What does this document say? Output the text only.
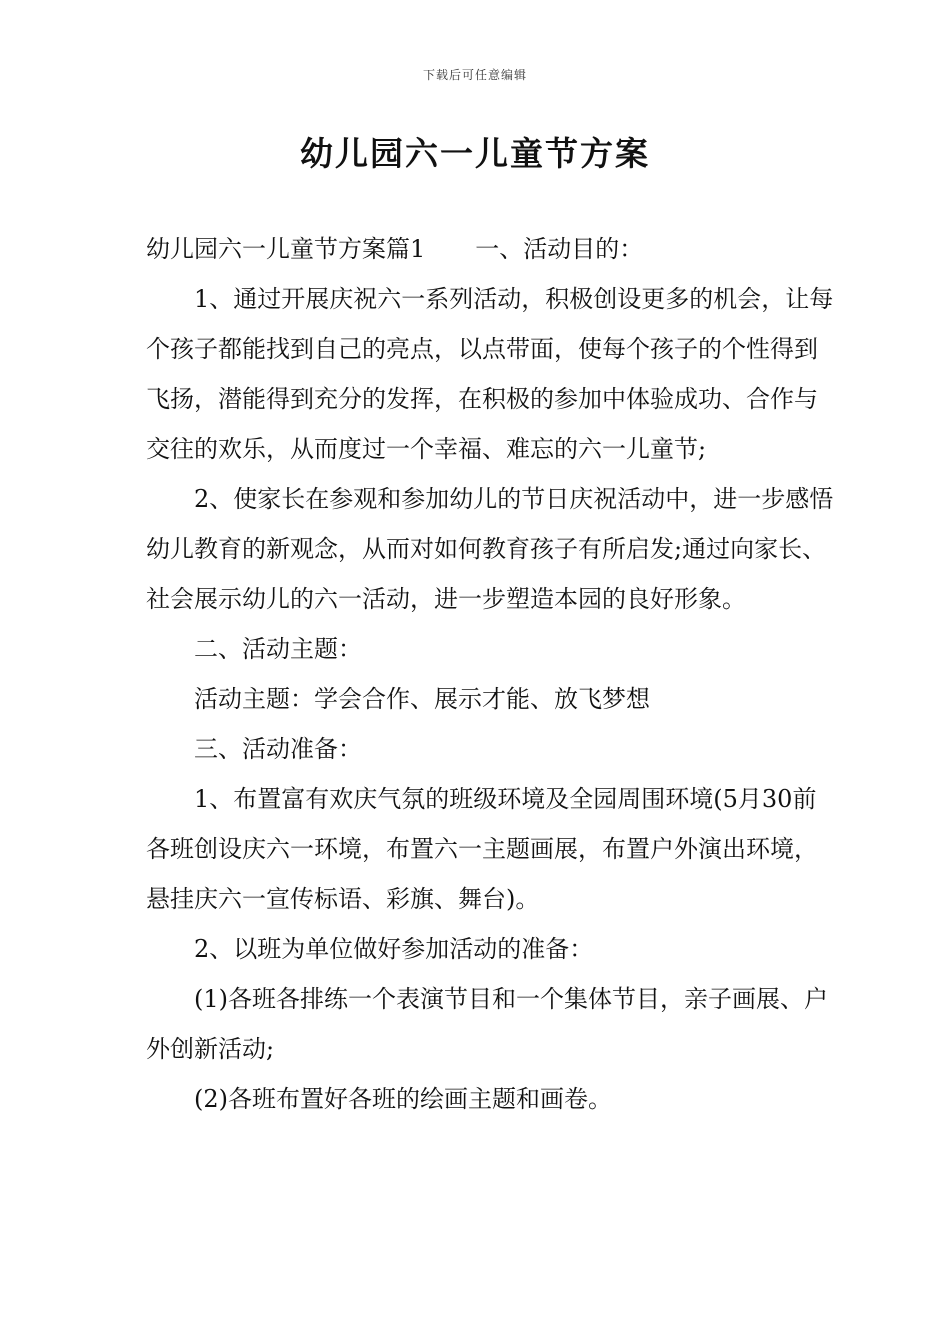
下载后可任意编辑
幼儿园六一儿童节方案

幼儿园六一儿童节方案篇1 一、活动目的：

1、通过开展庆祝六一系列活动，积极创设更多的机会，让每个孩子都能找到自己的亮点，以点带面，使每个孩子的个性得到飞扬，潜能得到充分的发挥，在积极的参加中体验成功、合作与交往的欢乐，从而度过一个幸福、难忘的六一儿童节;

2、使家长在参观和参加幼儿的节日庆祝活动中，进一步感悟幼儿教育的新观念，从而对如何教育孩子有所启发;通过向家长、社会展示幼儿的六一活动，进一步塑造本园的良好形象。

二、活动主题：

活动主题：学会合作、展示才能、放飞梦想

三、活动准备：

1、布置富有欢庆气氛的班级环境及全园周围环境(5月30前各班创设庆六一环境，布置六一主题画展，布置户外演出环境，悬挂庆六一宣传标语、彩旗、舞台)。

2、以班为单位做好参加活动的准备：

(1)各班各排练一个表演节目和一个集体节目，亲子画展、户外创新活动;

(2)各班布置好各班的绘画主题和画卷。
